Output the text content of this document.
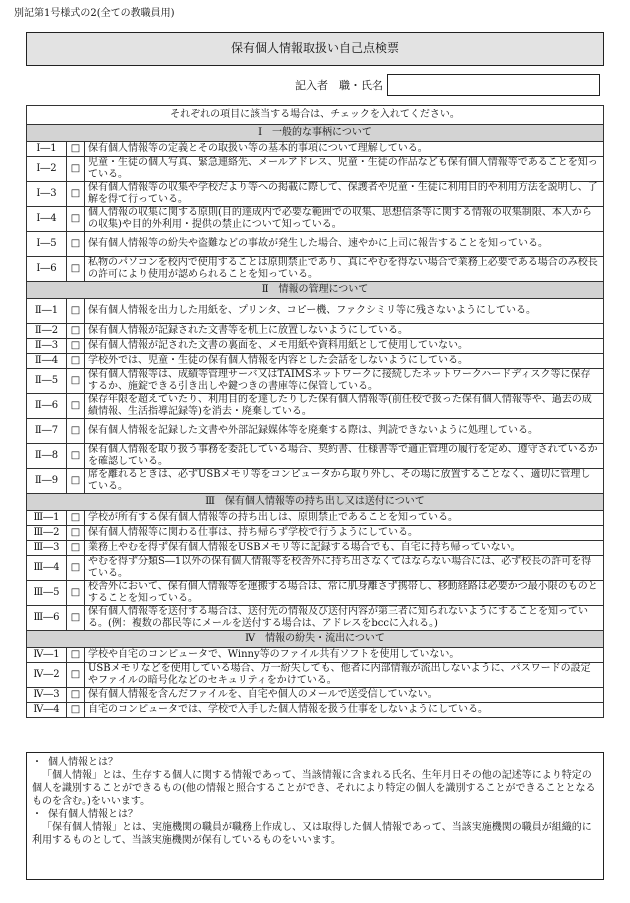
別記第1号様式の2(全ての教職員用)
保有個人情報取扱い自己点検票
記入者　職・氏名
それぞれの項目に該当する場合は、チェックを入れてください。		
Ⅰ　一般的な事柄について		
Ⅰ―1	□	保有個人情報等の定義とその取扱い等の基本的事項について理解している。
Ⅰ―2	□	児童・生徒の個人写真、緊急連絡先、メールアドレス、児童・生徒の作品なども保有個人情報等であることを知っている。
Ⅰ―3	□	保有個人情報等の収集や学校だより等への掲載に際して、保護者や児童・生徒に利用目的や利用方法を説明し、了解を得て行っている。
Ⅰ―4	□	個人情報の収集に関する原則(目的達成内で必要な範囲での収集、思想信条等に関する情報の収集制限、本人からの収集)や目的外利用・提供の禁止について知っている。
Ⅰ―5	□	保有個人情報等の紛失や盗難などの事故が発生した場合、速やかに上司に報告することを知っている。
Ⅰ―6	□	私物のパソコンを校内で使用することは原則禁止であり、真にやむを得ない場合で業務上必要である場合のみ校長の許可により使用が認められることを知っている。
Ⅱ　情報の管理について		
Ⅱ―1	□	保有個人情報を出力した用紙を、プリンタ、コピー機、ファクシミリ等に残さないようにしている。
Ⅱ―2	□	保有個人情報が記録された文書等を机上に放置しないようにしている。
Ⅱ―3	□	保有個人情報が記された文書の裏面を、メモ用紙や資料用紙として使用していない。
Ⅱ―4	□	学校外では、児童・生徒の保有個人情報を内容とした会話をしないようにしている。
Ⅱ―5	□	保有個人情報等は、成績等管理サーバ又はTAIMSネットワークに接続したネットワークハードディスク等に保存するか、施錠できる引き出しや鍵つきの書庫等に保管している。
Ⅱ―6	□	保存年限を超えていたり、利用目的を達したりした保有個人情報等(前任校で扱った保有個人情報等や、過去の成績情報、生活指導記録等)を消去・廃棄している。
Ⅱ―7	□	保有個人情報を記録した文書や外部記録媒体等を廃棄する際は、判読できないように処理している。
Ⅱ―8	□	保有個人情報を取り扱う事務を委託している場合、契約書、仕様書等で適正管理の履行を定め、遵守されているかを確認している。
Ⅱ―9	□	席を離れるときは、必ずUSBメモリ等をコンピュータから取り外し、その場に放置することなく、適切に管理している。
Ⅲ　保有個人情報等の持ち出し又は送付について		
Ⅲ―1	□	学校が所有する保有個人情報等の持ち出しは、原則禁止であることを知っている。
Ⅲ―2	□	保有個人情報等に関わる仕事は、持ち帰らず学校で行うようにしている。
Ⅲ―3	□	業務上やむを得ず保有個人情報をUSBメモリ等に記録する場合でも、自宅に持ち帰っていない。
Ⅲ―4	□	やむを得ず分類S―1以外の保有個人情報等を校舎外に持ち出さなくてはならない場合には、必ず校長の許可を得ている。
Ⅲ―5	□	校舎外において、保有個人情報等を運搬する場合は、常に肌身離さず携帯し、移動経路は必要かつ最小限のものとすることを知っている。
Ⅲ―6	□	保有個人情報等を送付する場合は、送付先の情報及び送付内容が第三者に知られないようにすることを知っている。(例：複数の都民等にメールを送付する場合は、アドレスをbccに入れる。)
Ⅳ　情報の紛失・流出について		
Ⅳ―1	□	学校や自宅のコンピュータで、Winny等のファイル共有ソフトを使用していない。
Ⅳ―2	□	USBメモリなどを使用している場合、万一紛失しても、他者に内部情報が流出しないように、パスワードの設定やファイルの暗号化などのセキュリティをかけている。
Ⅳ―3	□	保有個人情報を含んだファイルを、自宅や個人のメールで送受信していない。
Ⅳ―4	□	自宅のコンピュータでは、学校で入手した個人情報を扱う仕事をしないようにしている。

・ 個人情報とは？

「個人情報」とは、生存する個人に関する情報であって、当該情報に含まれる氏名、生年月日その他の記述等により特定の個人を識別することができるもの(他の情報と照合することができ、それにより特定の個人を識別することができることとなるものを含む。)をいいます。

・ 保有個人情報とは？

「保有個人情報」とは、実施機関の職員が職務上作成し、又は取得した個人情報であって、当該実施機関の職員が組織的に利用するものとして、当該実施機関が保有しているものをいいます。
